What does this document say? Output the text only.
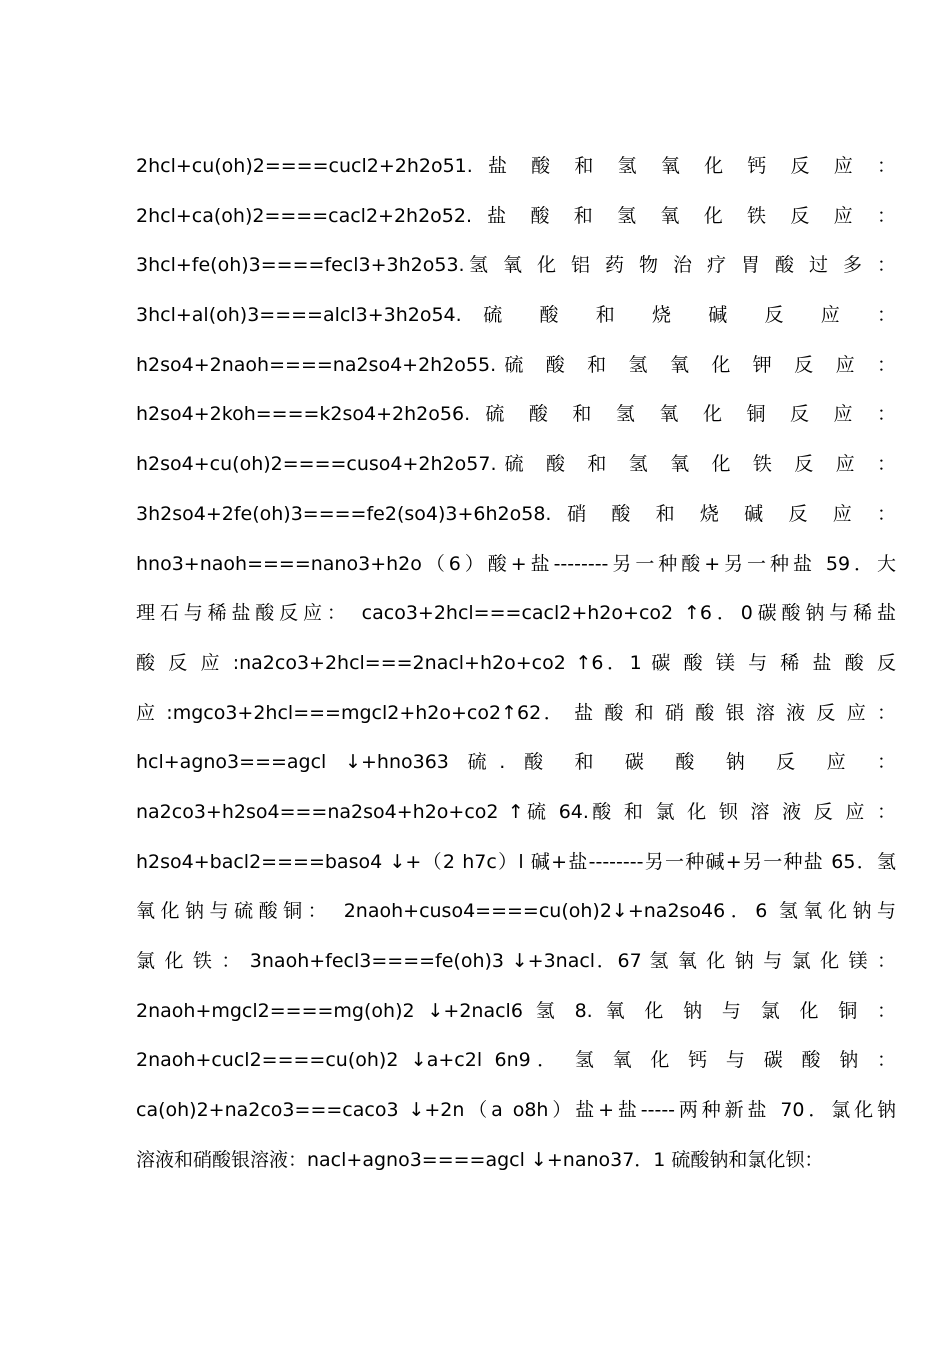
2hcl+cu(oh)2====cucl2+2h2o51. 盐 酸 和 氢 氧 化 钙 反 应 ：
2hcl+ca(oh)2====cacl2+2h2o52. 盐 酸 和 氢 氧 化 铁 反 应 ：
3hcl+fe(oh)3====fecl3+3h2o53.氢 氧 化 铝 药 物 治 疗 胃 酸 过 多 ：
3hcl+al(oh)3====alcl3+3h2o54. 硫 酸 和 烧 碱 反 应 ：
h2so4+2naoh====na2so4+2h2o55.硫 酸 和 氢 氧 化 钾 反 应 ：
h2so4+2koh====k2so4+2h2o56. 硫 酸 和 氢 氧 化 铜 反 应 ：
h2so4+cu(oh)2====cuso4+2h2o57.硫 酸 和 氢 氧 化 铁 反 应 ：
3h2so4+2fe(oh)3====fe2(so4)3+6h2o58. 硝 酸 和 烧 碱 反 应 ：
hno3+naoh====nano3+h2o（6）酸+盐--------另一种酸+另一种盐 59．大
理石与稀盐酸反应： caco3+2hcl===cacl2+h2o+co2 ↑6．0碳酸钠与稀盐
酸 反 应 :na2co3+2hcl===2nacl+h2o+co2 ↑6．1 碳 酸 镁 与 稀 盐 酸 反
应 :mgco3+2hcl===mgcl2+h2o+co2↑62． 盐 酸 和 硝 酸 银 溶 液 反 应 ：
hcl+agno3===agcl ↓+hno363 硫. 酸 和 碳 酸 钠 反 应 ：
na2co3+h2so4===na2so4+h2o+co2 ↑硫 64.酸 和 氯 化 钡 溶 液 反 应 ：
h2so4+bacl2====baso4 ↓+（2 h7c）l 碱+盐--------另一种碱+另一种盐 65．氢
氧化钠与硫酸铜： 2naoh+cuso4====cu(oh)2↓+na2so46．6 氢氧化钠与
氯 化 铁 ： 3naoh+fecl3====fe(oh)3 ↓+3nacl．67 氢 氧 化 钠 与 氯 化 镁 ：
2naoh+mgcl2====mg(oh)2 ↓+2nacl6 氢 8. 氧 化 钠 与 氯 化 铜 ：
2naoh+cucl2====cu(oh)2 ↓a+c2l 6n9． 氢 氧 化 钙 与 碳 酸 钠 ：
ca(oh)2+na2co3===caco3 ↓+2n（a o8h）盐+盐-----两种新盐 70．氯化钠
溶液和硝酸银溶液：nacl+agno3====agcl ↓+nano37．1 硫酸钠和氯化钡：
